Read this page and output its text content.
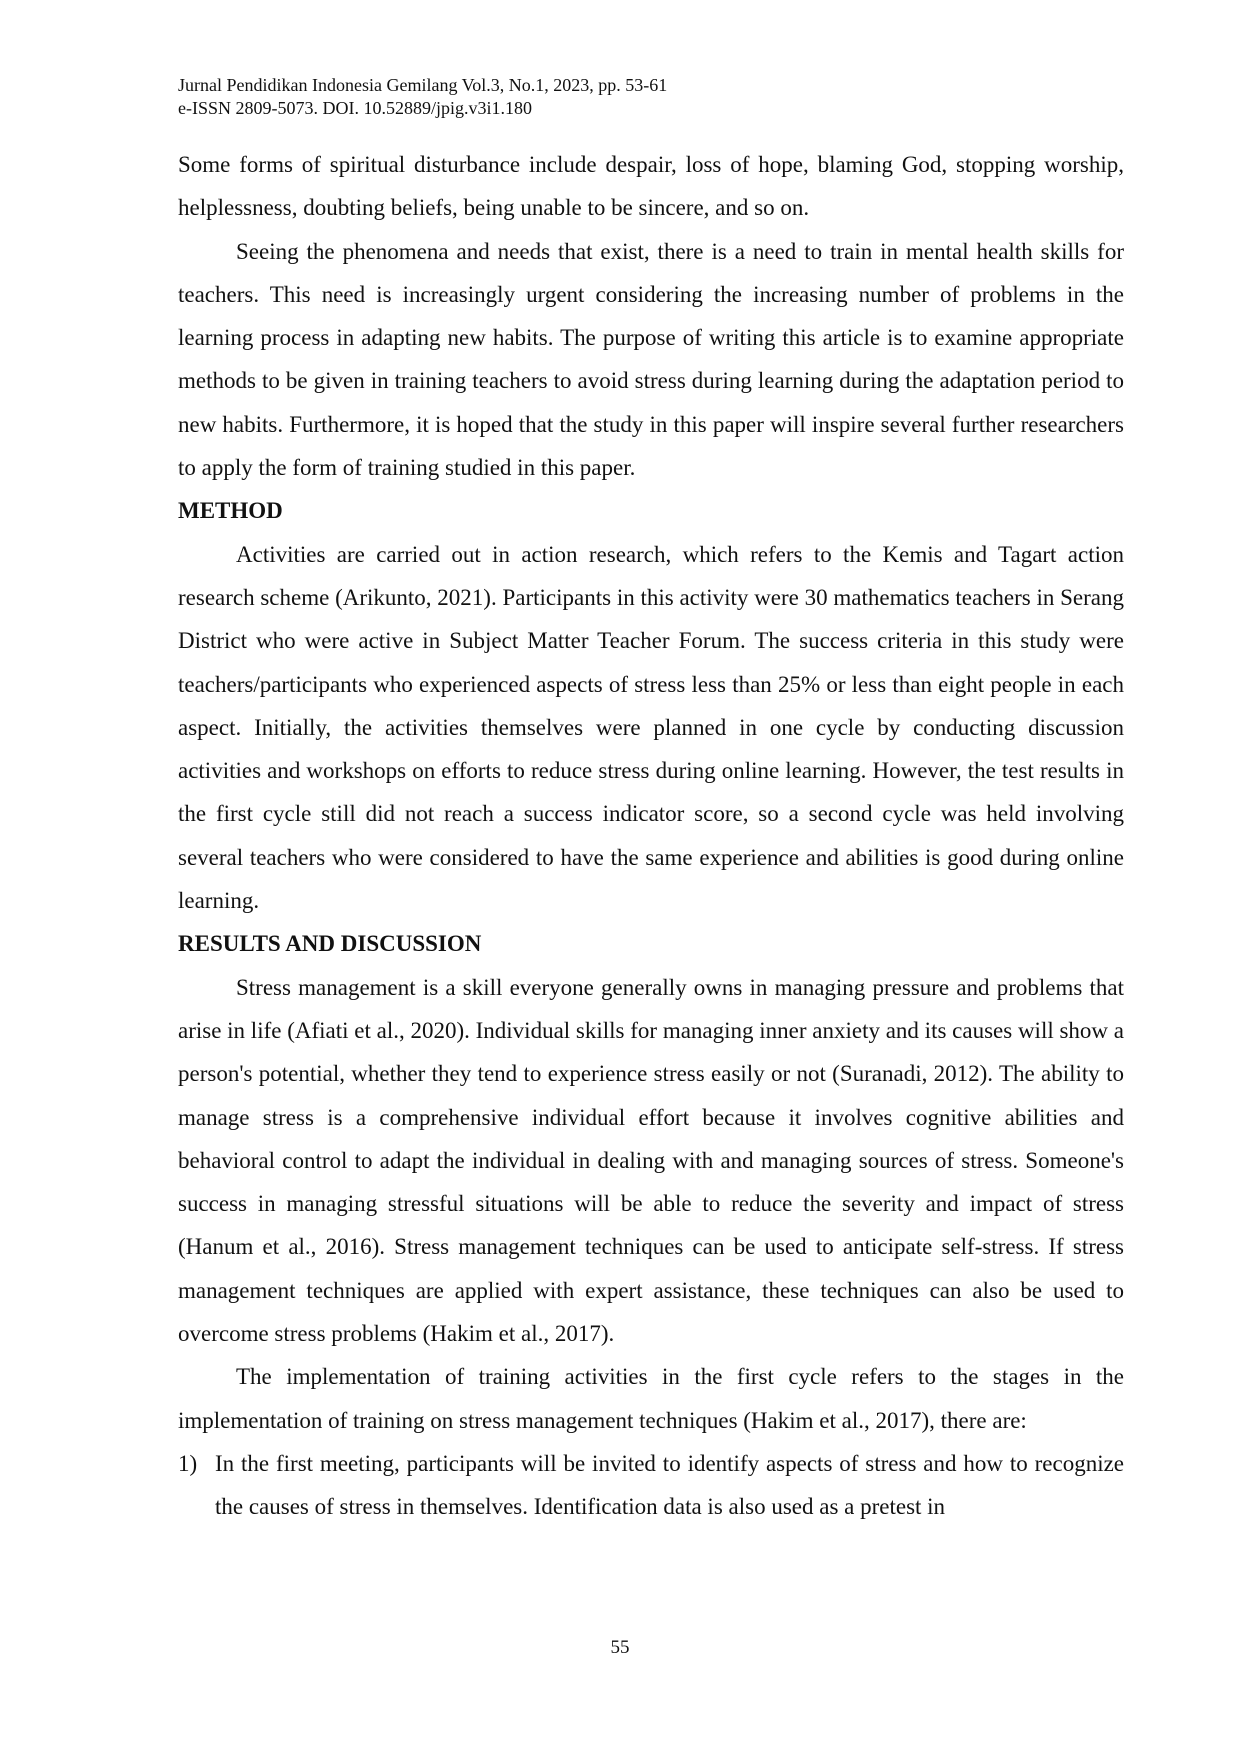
Jurnal Pendidikan Indonesia Gemilang Vol.3, No.1, 2023, pp. 53-61
e-ISSN 2809-5073. DOI. 10.52889/jpig.v3i1.180

Some forms of spiritual disturbance include despair, loss of hope, blaming God, stopping worship, helplessness, doubting beliefs, being unable to be sincere, and so on.

Seeing the phenomena and needs that exist, there is a need to train in mental health skills for teachers. This need is increasingly urgent considering the increasing number of problems in the learning process in adapting new habits. The purpose of writing this article is to examine appropriate methods to be given in training teachers to avoid stress during learning during the adaptation period to new habits. Furthermore, it is hoped that the study in this paper will inspire several further researchers to apply the form of training studied in this paper.

METHOD

Activities are carried out in action research, which refers to the Kemis and Tagart action research scheme (Arikunto, 2021). Participants in this activity were 30 mathematics teachers in Serang District who were active in Subject Matter Teacher Forum. The success criteria in this study were teachers/participants who experienced aspects of stress less than 25% or less than eight people in each aspect. Initially, the activities themselves were planned in one cycle by conducting discussion activities and workshops on efforts to reduce stress during online learning. However, the test results in the first cycle still did not reach a success indicator score, so a second cycle was held involving several teachers who were considered to have the same experience and abilities is good during online learning.

RESULTS AND DISCUSSION

Stress management is a skill everyone generally owns in managing pressure and problems that arise in life (Afiati et al., 2020). Individual skills for managing inner anxiety and its causes will show a person's potential, whether they tend to experience stress easily or not (Suranadi, 2012). The ability to manage stress is a comprehensive individual effort because it involves cognitive abilities and behavioral control to adapt the individual in dealing with and managing sources of stress. Someone's success in managing stressful situations will be able to reduce the severity and impact of stress (Hanum et al., 2016). Stress management techniques can be used to anticipate self-stress. If stress management techniques are applied with expert assistance, these techniques can also be used to overcome stress problems (Hakim et al., 2017).

The implementation of training activities in the first cycle refers to the stages in the implementation of training on stress management techniques (Hakim et al., 2017), there are:

1) In the first meeting, participants will be invited to identify aspects of stress and how to recognize the causes of stress in themselves. Identification data is also used as a pretest in
55
